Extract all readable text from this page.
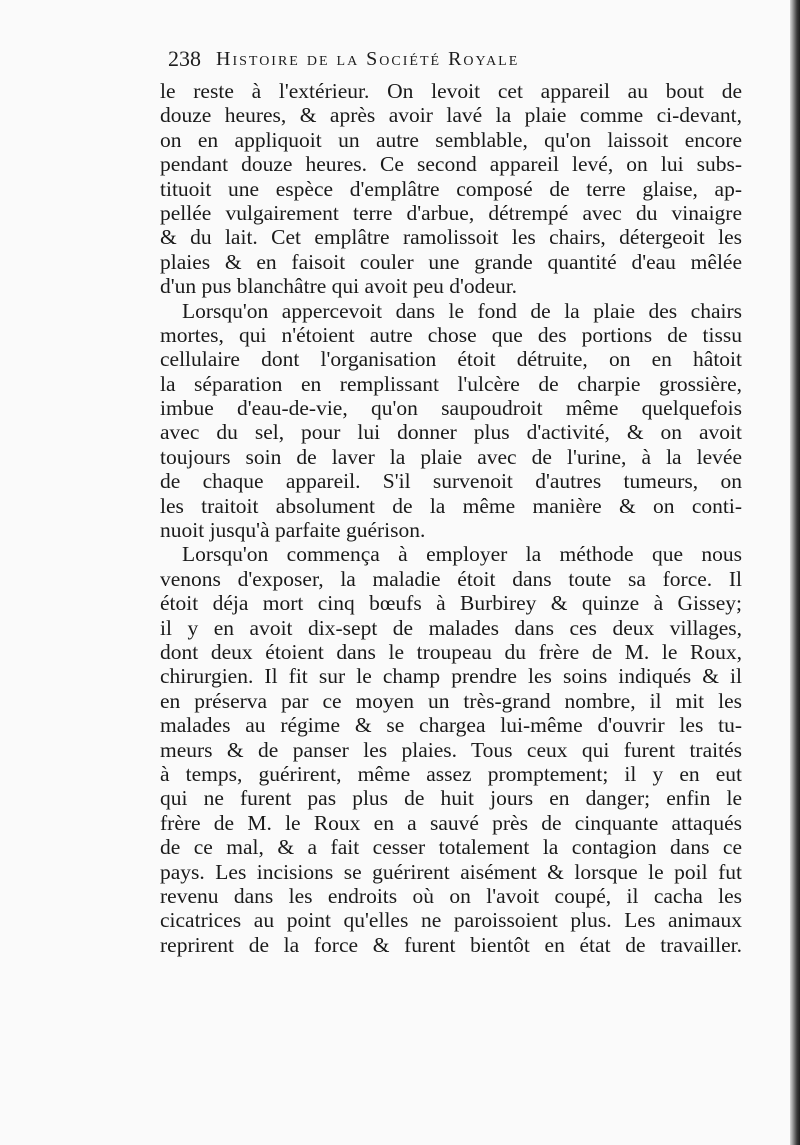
238 Histoire de la Société Royale
le reste à l'extérieur. On levoit cet appareil au bout de
douze heures, & après avoir lavé la plaie comme ci-devant,
on en appliquoit un autre semblable, qu'on laissoit encore
pendant douze heures. Ce second appareil levé, on lui subs-
tituoit une espèce d'emplâtre composé de terre glaise, ap-
pellée vulgairement terre d'arbue, détrempé avec du vinaigre
& du lait. Cet emplâtre ramolissoit les chairs, détergeoit les
plaies & en faisoit couler une grande quantité d'eau mêlée
d'un pus blanchâtre qui avoit peu d'odeur.
Lorsqu'on appercevoit dans le fond de la plaie des chairs
mortes, qui n'étoient autre chose que des portions de tissu
cellulaire dont l'organisation étoit détruite, on en hâtoit
la séparation en remplissant l'ulcère de charpie grossière,
imbue d'eau-de-vie, qu'on saupoudroit même quelquefois
avec du sel, pour lui donner plus d'activité, & on avoit
toujours soin de laver la plaie avec de l'urine, à la levée
de chaque appareil. S'il survenoit d'autres tumeurs, on
les traitoit absolument de la même manière & on conti-
nuoit jusqu'à parfaite guérison.
Lorsqu'on commença à employer la méthode que nous
venons d'exposer, la maladie étoit dans toute sa force. Il
étoit déja mort cinq bœufs à Burbirey & quinze à Gissey;
il y en avoit dix-sept de malades dans ces deux villages,
dont deux étoient dans le troupeau du frère de M. le Roux,
chirurgien. Il fit sur le champ prendre les soins indiqués & il
en préserva par ce moyen un très-grand nombre, il mit les
malades au régime & se chargea lui-même d'ouvrir les tu-
meurs & de panser les plaies. Tous ceux qui furent traités
à temps, guérirent, même assez promptement; il y en eut
qui ne furent pas plus de huit jours en danger; enfin le
frère de M. le Roux en a sauvé près de cinquante attaqués
de ce mal, & a fait cesser totalement la contagion dans ce
pays. Les incisions se guérirent aisément & lorsque le poil fut
revenu dans les endroits où on l'avoit coupé, il cacha les
cicatrices au point qu'elles ne paroissoient plus. Les animaux
reprirent de la force & furent bientôt en état de travailler.
